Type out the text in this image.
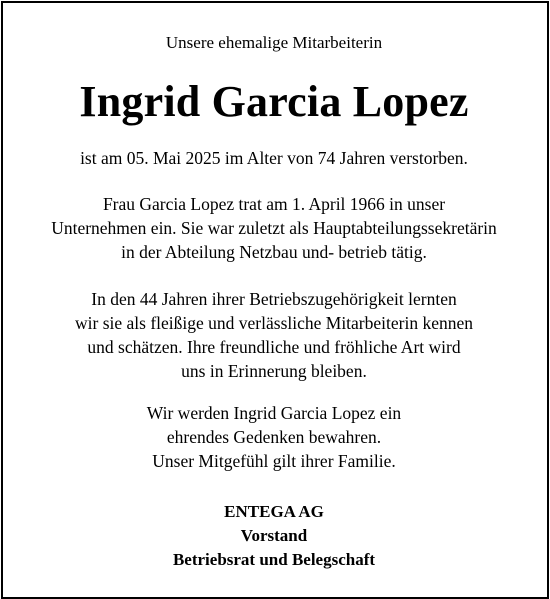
Unsere ehemalige Mitarbeiterin
Ingrid Garcia Lopez
ist am 05. Mai 2025 im Alter von 74 Jahren verstorben.
Frau Garcia Lopez trat am 1. April 1966 in unser
Unternehmen ein. Sie war zuletzt als Hauptabteilungssekretärin
in der Abteilung Netzbau und- betrieb tätig.
In den 44 Jahren ihrer Betriebszugehörigkeit lernten
wir sie als fleißige und verlässliche Mitarbeiterin kennen
und schätzen. Ihre freundliche und fröhliche Art wird
uns in Erinnerung bleiben.
Wir werden Ingrid Garcia Lopez ein
ehrendes Gedenken bewahren.
Unser Mitgefühl gilt ihrer Familie.
ENTEGA AG
Vorstand
Betriebsrat und Belegschaft
